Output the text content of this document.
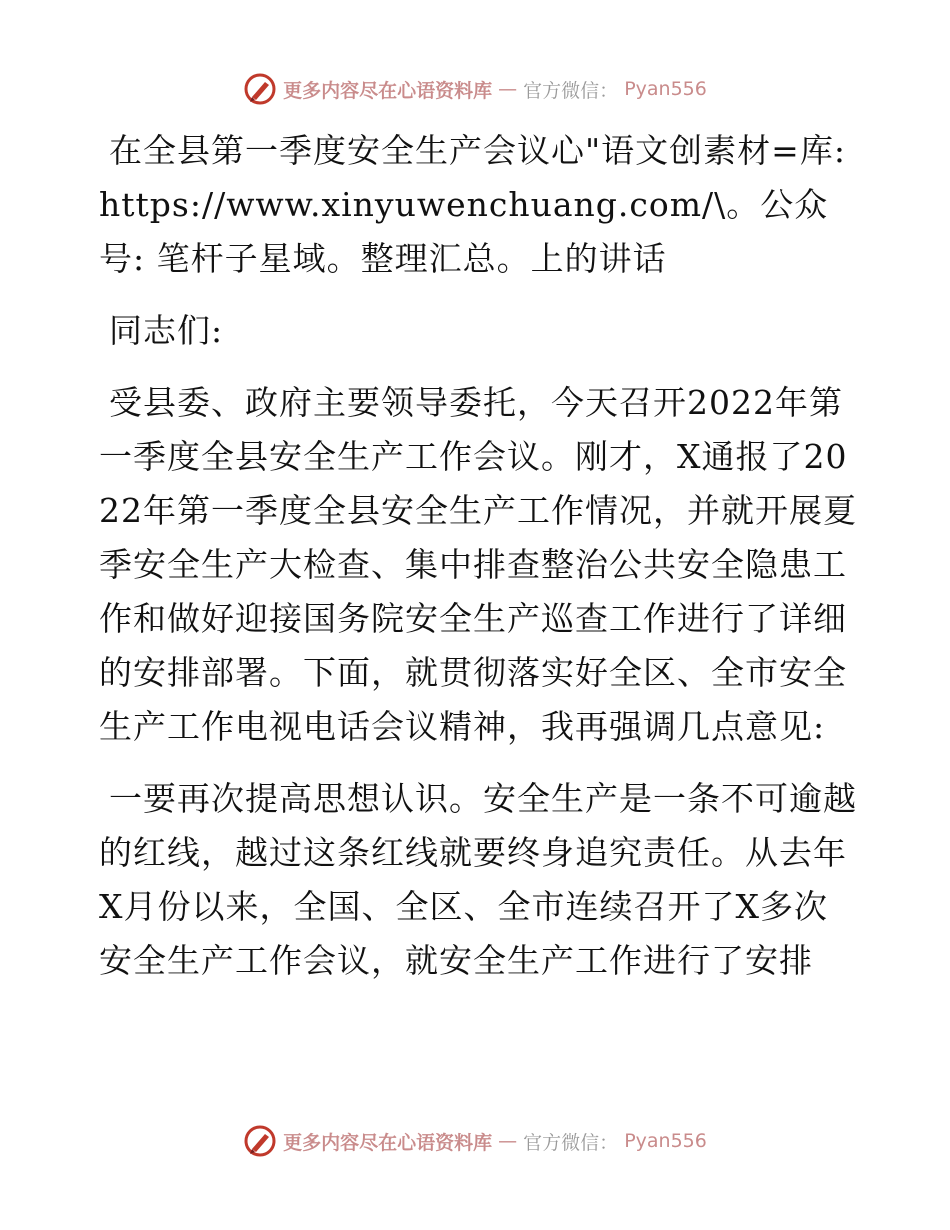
更多内容尽在心语资料库 — 官方微信： Pyan556

在全县第一季度安全生产会议心"语文创素材=库: https://www.xinyuwenchuang.com/\。公众号: 笔杆子星域。整理汇总。上的讲话

同志们:

受县委、政府主要领导委托，今天召开2022年第一季度全县安全生产工作会议。刚才，X通报了2022年第一季度全县安全生产工作情况，并就开展夏季安全生产大检查、集中排查整治公共安全隐患工作和做好迎接国务院安全生产巡查工作进行了详细的安排部署。下面，就贯彻落实好全区、全市安全生产工作电视电话会议精神，我再强调几点意见:

一要再次提高思想认识。安全生产是一条不可逾越的红线，越过这条红线就要终身追究责任。从去年X月份以来，全国、全区、全市连续召开了X多次安全生产工作会议，就安全生产工作进行了安排

更多内容尽在心语资料库 — 官方微信： Pyan556
